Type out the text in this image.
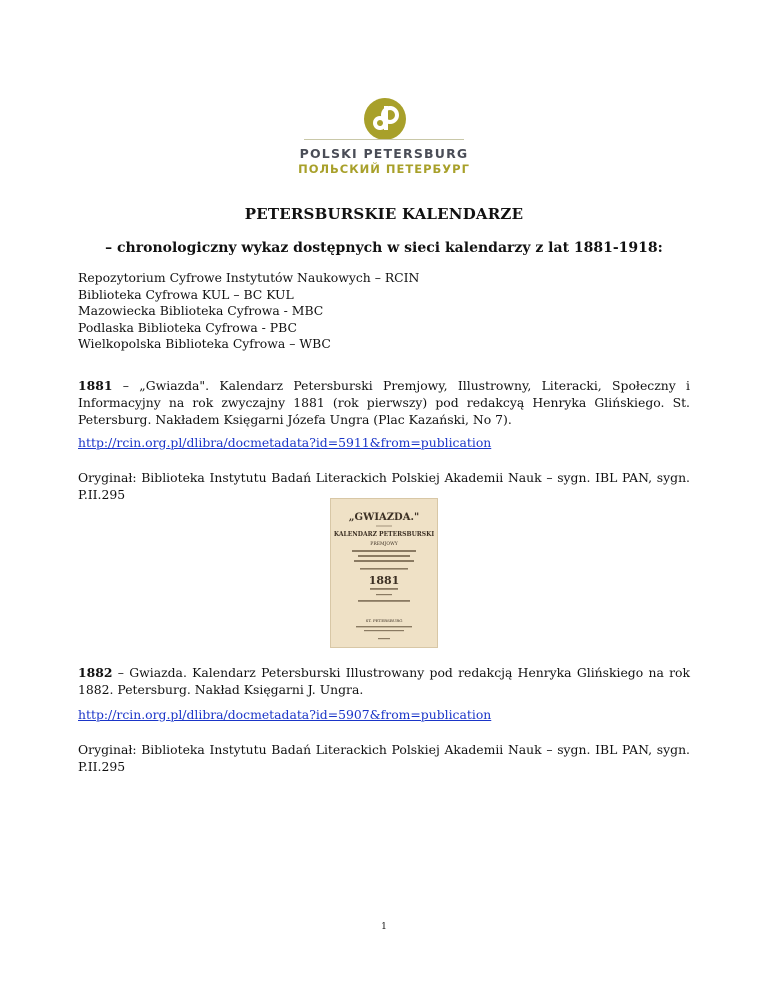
POLSKI PETERSBURG
ПОЛЬСКИЙ ПЕТЕРБУРГ
PETERSBURSKIE KALENDARZE
– chronologiczny wykaz dostępnych w sieci kalendarzy z lat 1881-1918:
Repozytorium Cyfrowe Instytutów Naukowych – RCIN
Biblioteka Cyfrowa KUL – BC KUL
Mazowiecka Biblioteka Cyfrowa - MBC
Podlaska Biblioteka Cyfrowa - PBC
Wielkopolska Biblioteka Cyfrowa – WBC
1881 – „Gwiazda". Kalendarz Petersburski Premjowy, Illustrowny, Literacki, Społeczny i Informacyjny na rok zwyczajny 1881 (rok pierwszy) pod redakcyą Henryka Glińskiego. St. Petersburg. Nakładem Księgarni Józefa Ungra (Plac Kazański, No 7).
http://rcin.org.pl/dlibra/docmetadata?id=5911&from=publication
Oryginał: Biblioteka Instytutu Badań Literackich Polskiej Akademii Nauk – sygn. IBL PAN, sygn. P.II.295
„GWIAZDA."
KALENDARZ PETERSBURSKI
PREMJOWY
1881
ST. PETERSBURG
1882 – Gwiazda. Kalendarz Petersburski Illustrowany pod redakcją Henryka Glińskiego na rok 1882. Petersburg. Nakład Księgarni J. Ungra.
http://rcin.org.pl/dlibra/docmetadata?id=5907&from=publication
Oryginał: Biblioteka Instytutu Badań Literackich Polskiej Akademii Nauk – sygn. IBL PAN, sygn. P.II.295
1
